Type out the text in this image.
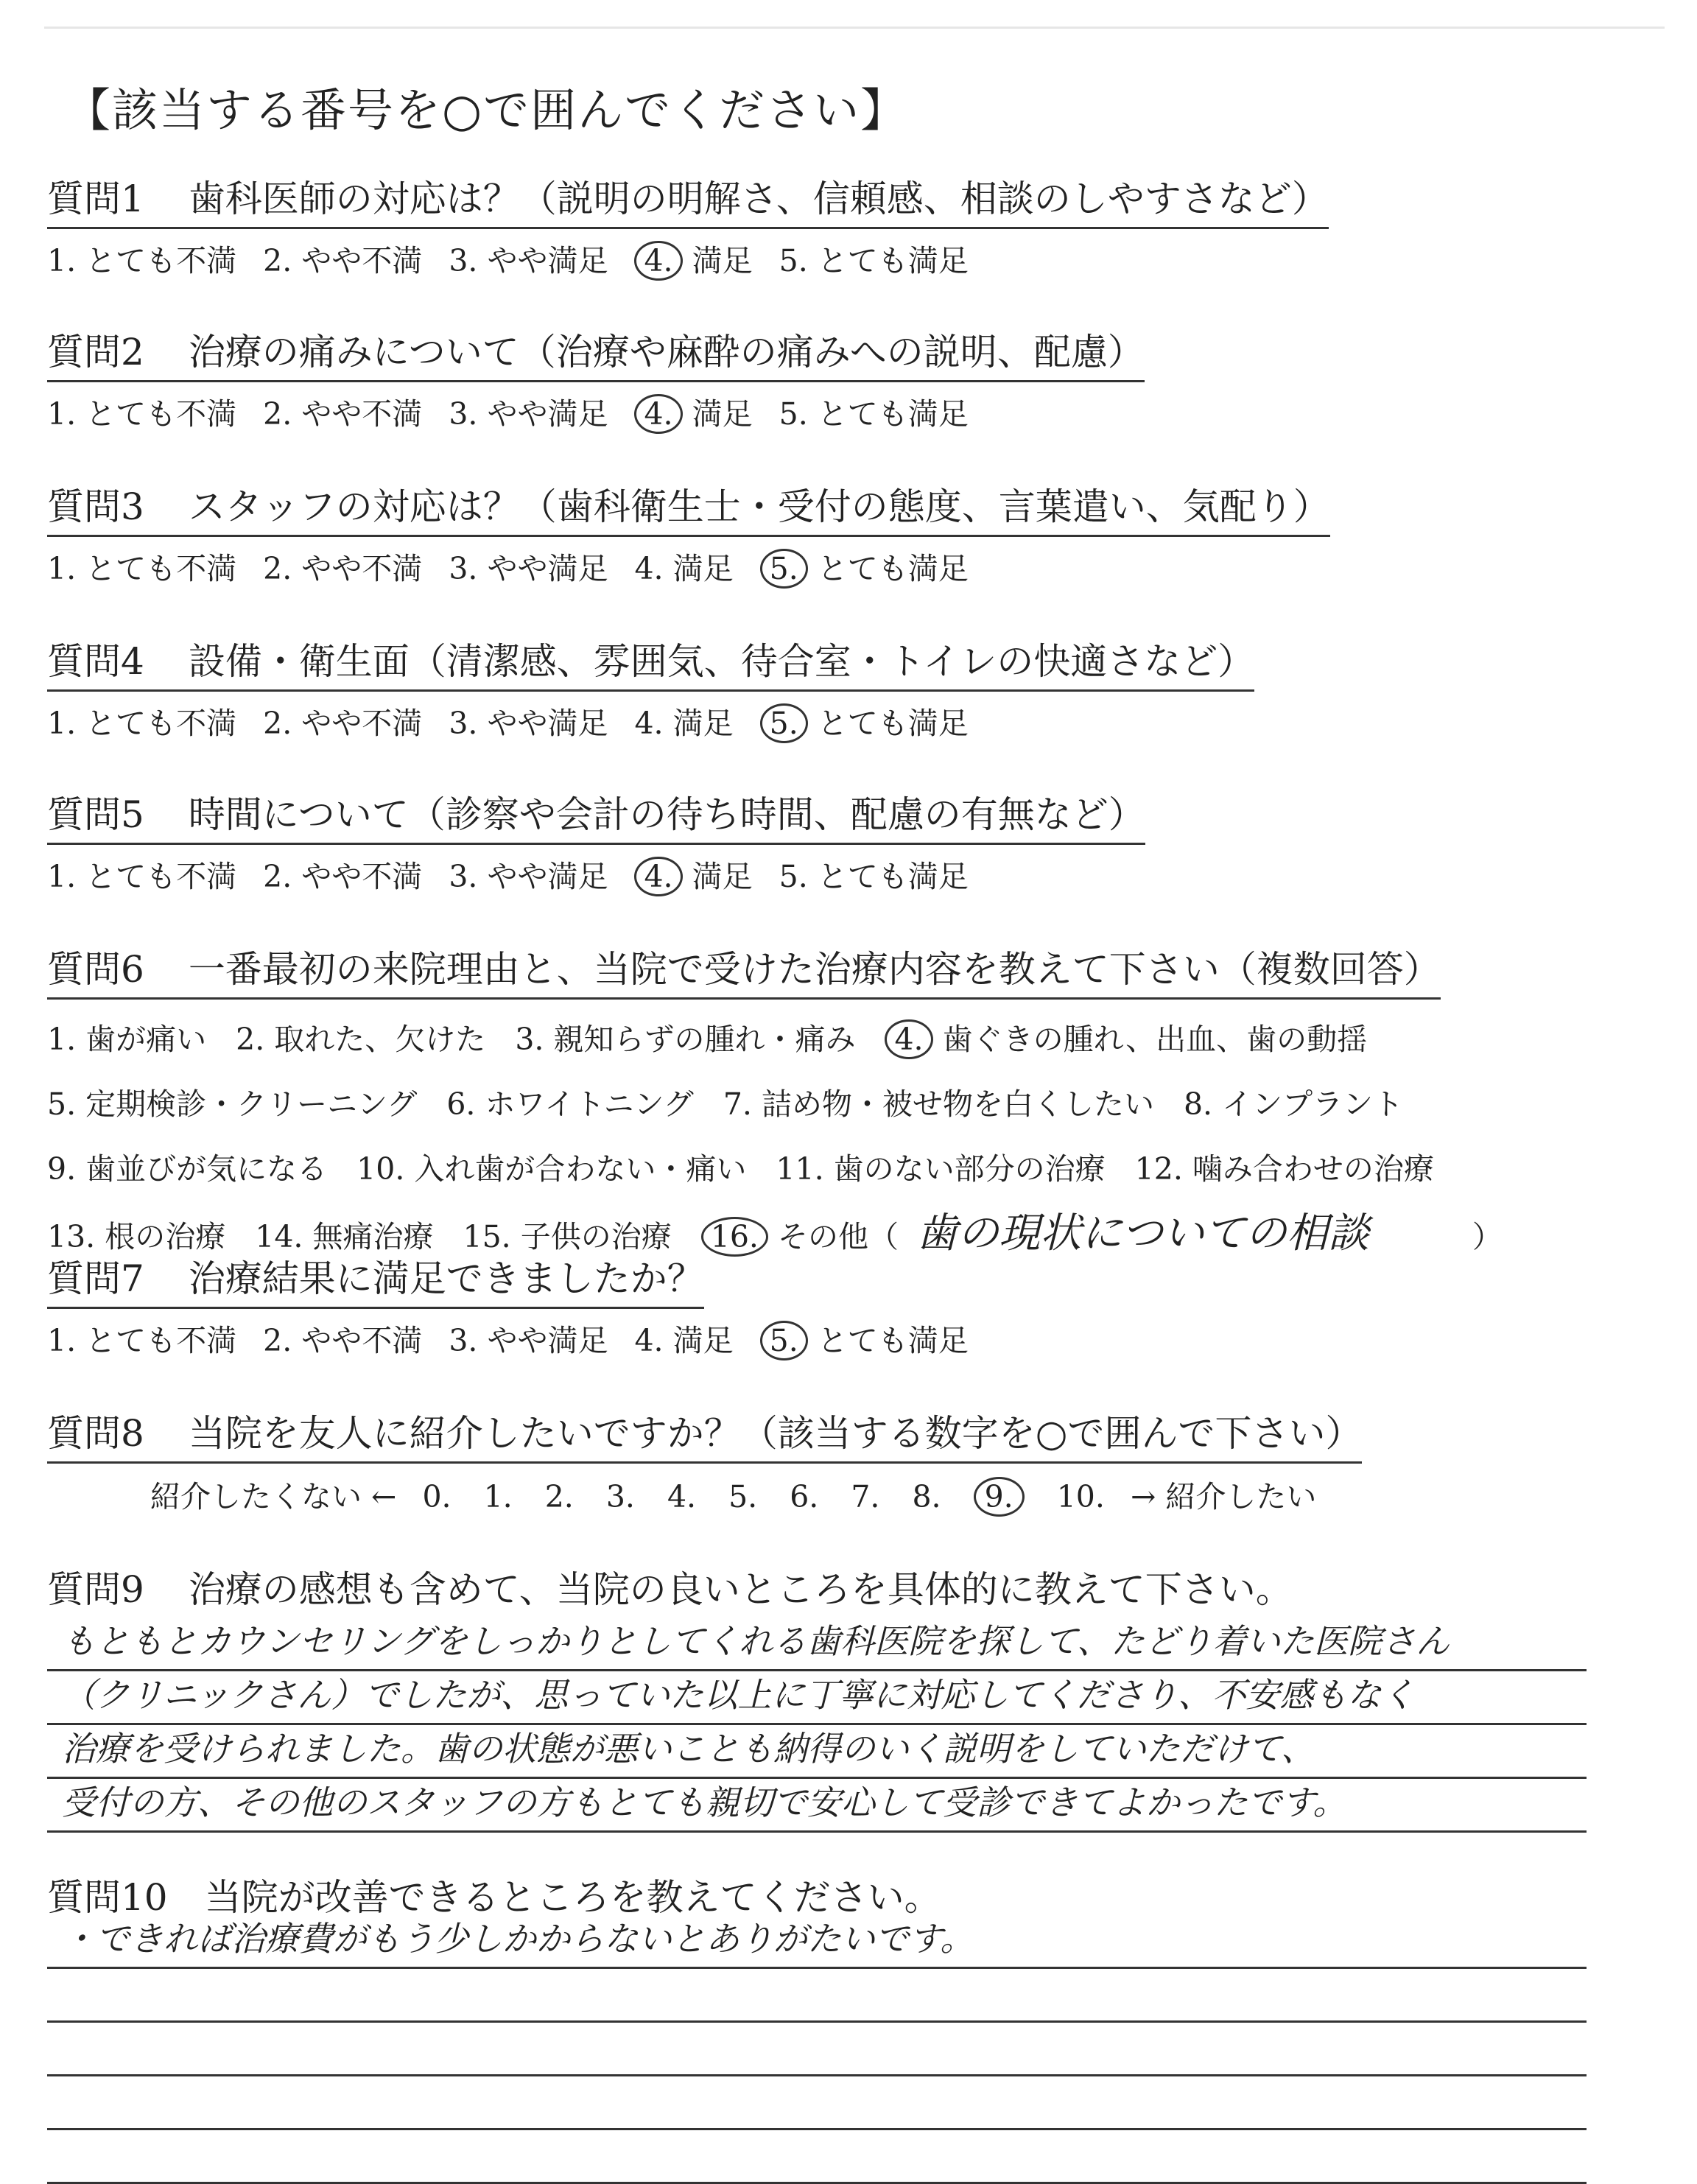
【該当する番号を○で囲んでください】
質問1 歯科医師の対応は？（説明の明解さ、信頼感、相談のしやすさなど）
1. とても不満 2. やや不満 3. やや満足 4. 満足 5. とても満足
質問2 治療の痛みについて（治療や麻酔の痛みへの説明、配慮）
1. とても不満 2. やや不満 3. やや満足 4. 満足 5. とても満足
質問3 スタッフの対応は？（歯科衛生士・受付の態度、言葉遣い、気配り）
1. とても不満 2. やや不満 3. やや満足 4. 満足 5. とても満足
質問4 設備・衛生面（清潔感、雰囲気、待合室・トイレの快適さなど）
1. とても不満 2. やや不満 3. やや満足 4. 満足 5. とても満足
質問5 時間について（診察や会計の待ち時間、配慮の有無など）
1. とても不満 2. やや不満 3. やや満足 4. 満足 5. とても満足
質問6 一番最初の来院理由と、当院で受けた治療内容を教えて下さい（複数回答）
1. 歯が痛い 2. 取れた、欠けた 3. 親知らずの腫れ・痛み 4. 歯ぐきの腫れ、出血、歯の動揺
5. 定期検診・クリーニング 6. ホワイトニング 7. 詰め物・被せ物を白くしたい 8. インプラント
9. 歯並びが気になる 10. 入れ歯が合わない・痛い 11. 歯のない部分の治療 12. 噛み合わせの治療
13. 根の治療 14. 無痛治療 15. 子供の治療 16. その他（ 歯の現状についての相談	）
質問7 治療結果に満足できましたか？
1. とても不満 2. やや不満 3. やや満足 4. 満足 5. とても満足
質問8 当院を友人に紹介したいですか？（該当する数字を○で囲んで下さい）
紹介したくない ← 0. 1. 2. 3. 4. 5. 6. 7. 8. 9. 10. → 紹介したい
質問9 治療の感想も含めて、当院の良いところを具体的に教えて下さい。
もともとカウンセリングをしっかりとしてくれる歯科医院を探して、たどり着いた医院さん
（クリニックさん）でしたが、思っていた以上に丁寧に対応してくださり、不安感もなく
治療を受けられました。歯の状態が悪いことも納得のいく説明をしていただけて、
受付の方、その他のスタッフの方もとても親切で安心して受診できてよかったです。
質問10 当院が改善できるところを教えてください。
・できれば治療費がもう少しかからないとありがたいです。
